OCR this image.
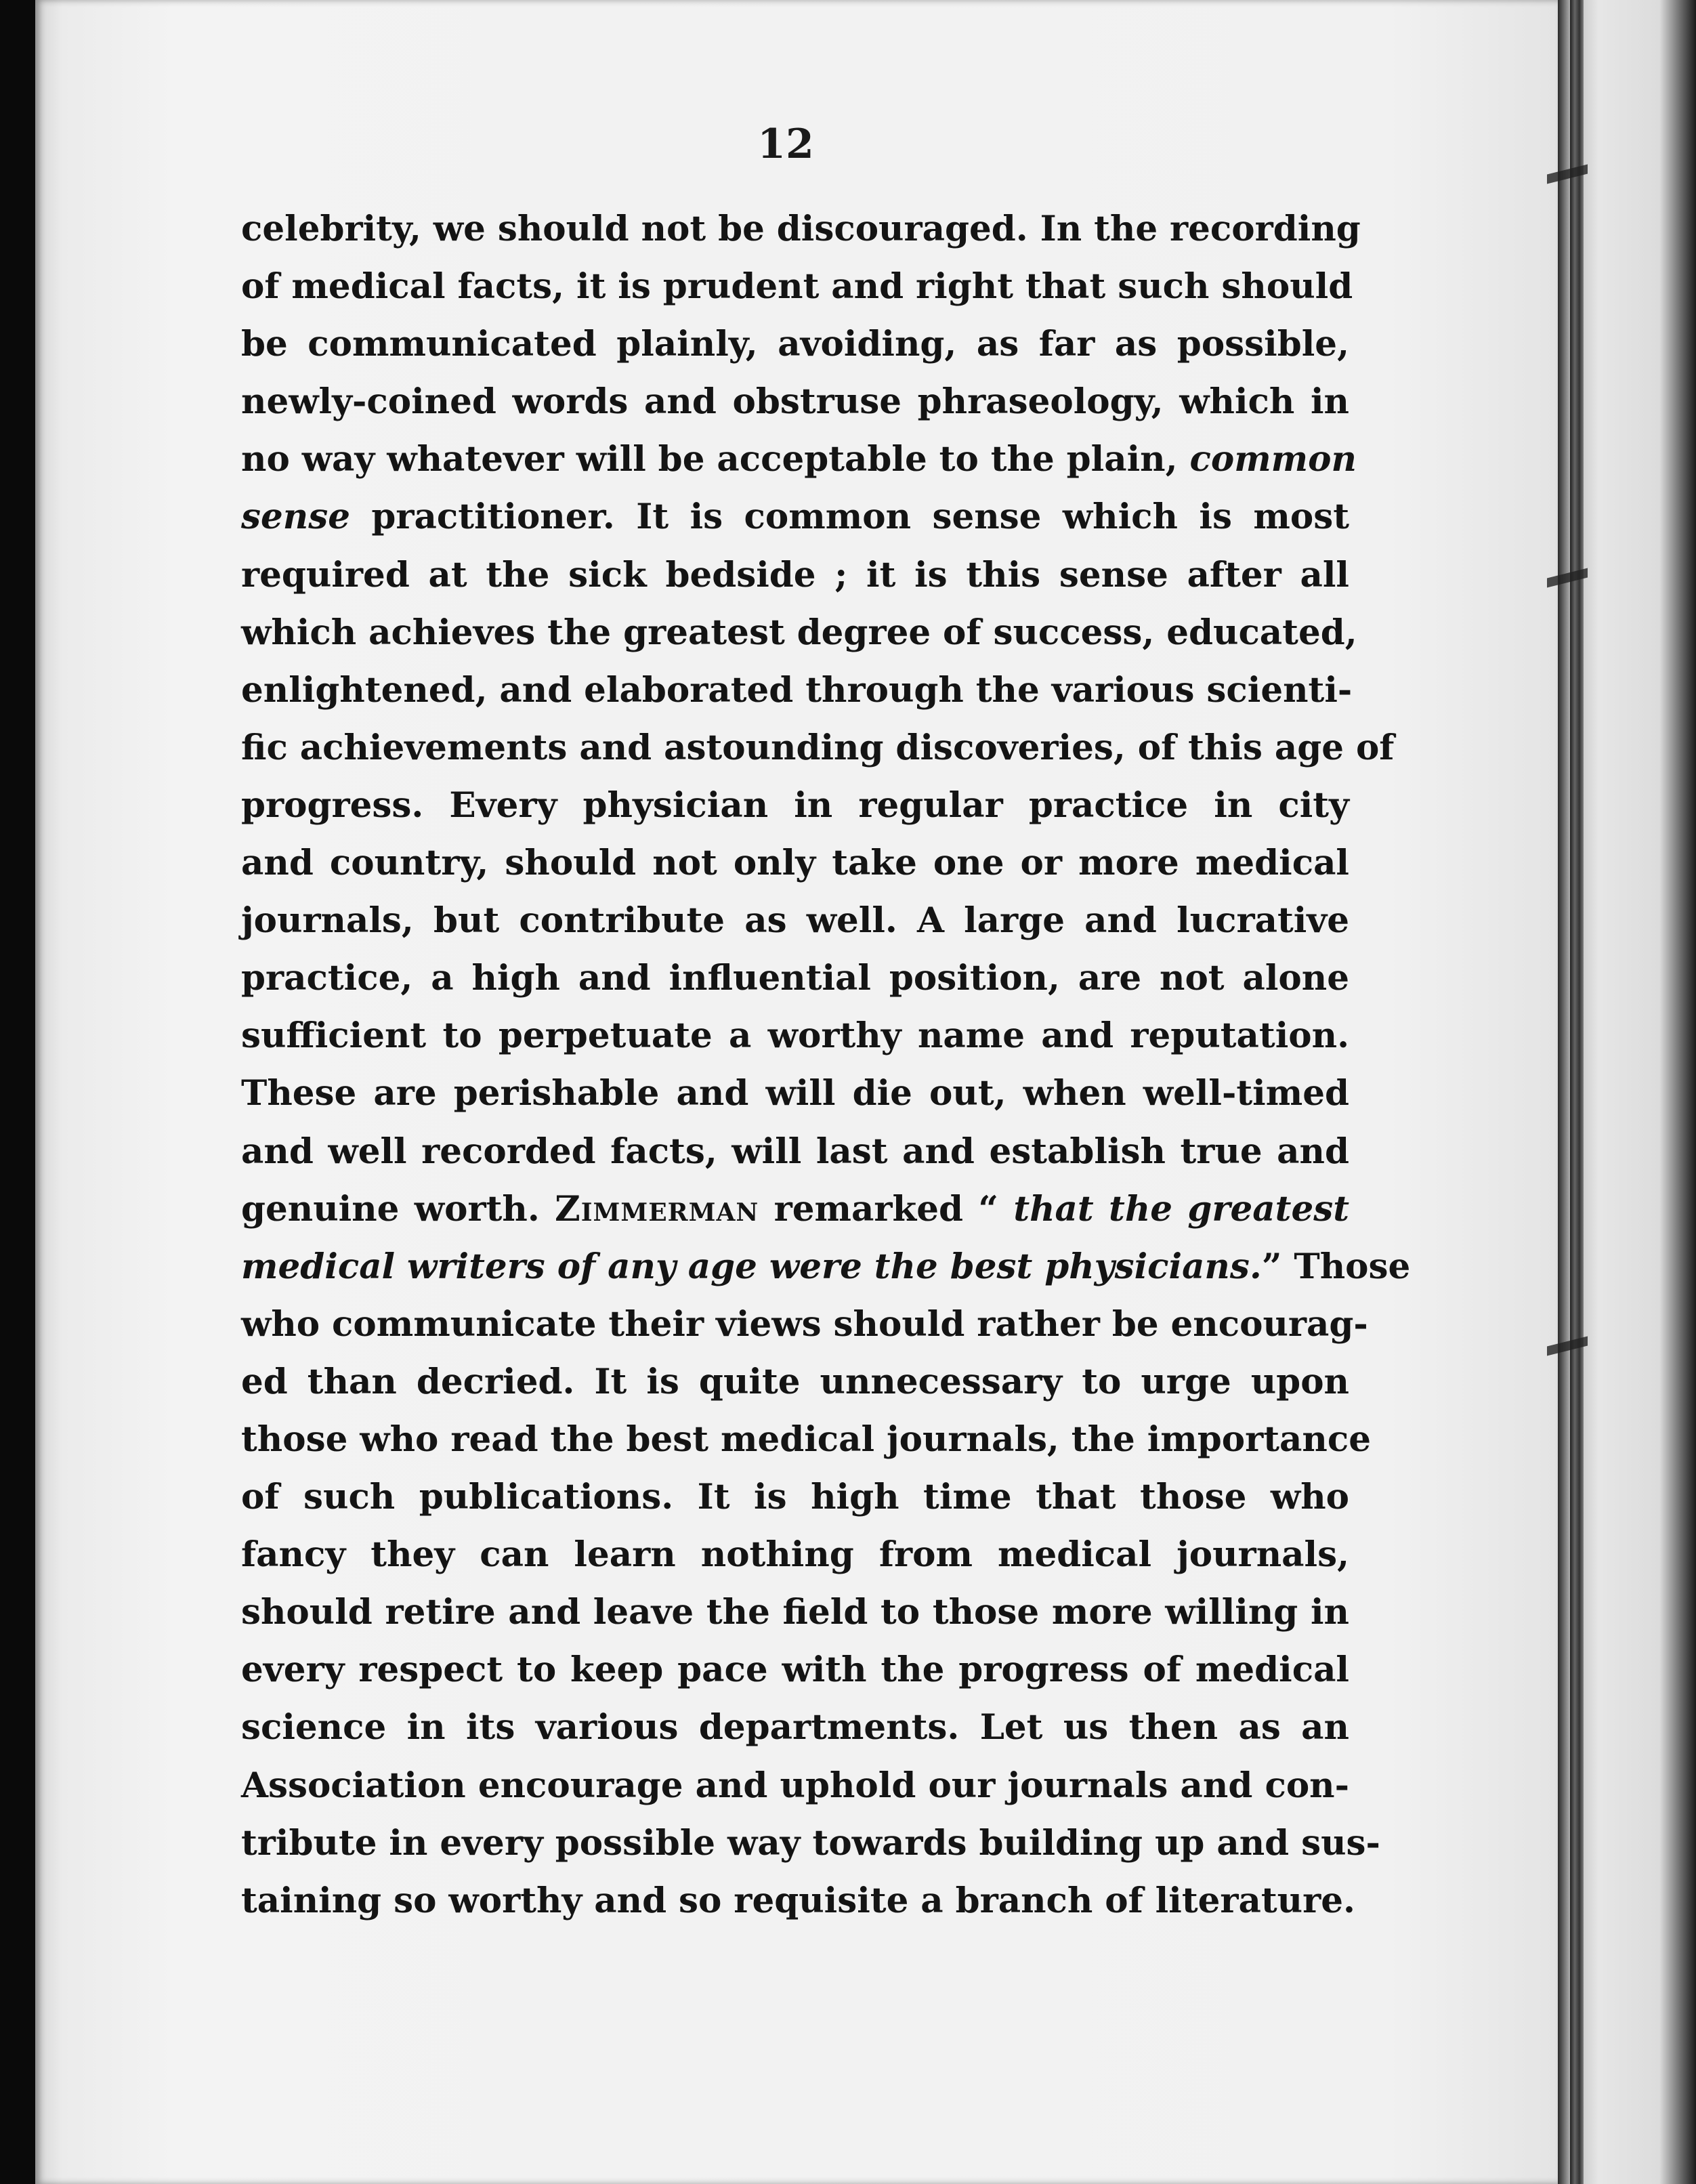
12
celebrity, we should not be discouraged. In the recording
of medical facts, it is prudent and right that such should
be communicated plainly, avoiding, as far as possible,
newly-coined words and obstruse phraseology, which in
no way whatever will be acceptable to the plain, common
sense practitioner. It is common sense which is most
required at the sick bedside ; it is this sense after all
which achieves the greatest degree of success, educated,
enlightened, and elaborated through the various scienti-
fic achievements and astounding discoveries, of this age of
progress. Every physician in regular practice in city
and country, should not only take one or more medical
journals, but contribute as well. A large and lucrative
practice, a high and influential position, are not alone
sufficient to perpetuate a worthy name and reputation.
These are perishable and will die out, when well-timed
and well recorded facts, will last and establish true and
genuine worth. Zimmerman remarked “ that the greatest
medical writers of any age were the best physicians.” Those
who communicate their views should rather be encourag-
ed than decried. It is quite unnecessary to urge upon
those who read the best medical journals, the importance
of such publications. It is high time that those who
fancy they can learn nothing from medical journals,
should retire and leave the field to those more willing in
every respect to keep pace with the progress of medical
science in its various departments. Let us then as an
Association encourage and uphold our journals and con-
tribute in every possible way towards building up and sus-
taining so worthy and so requisite a branch of literature.
